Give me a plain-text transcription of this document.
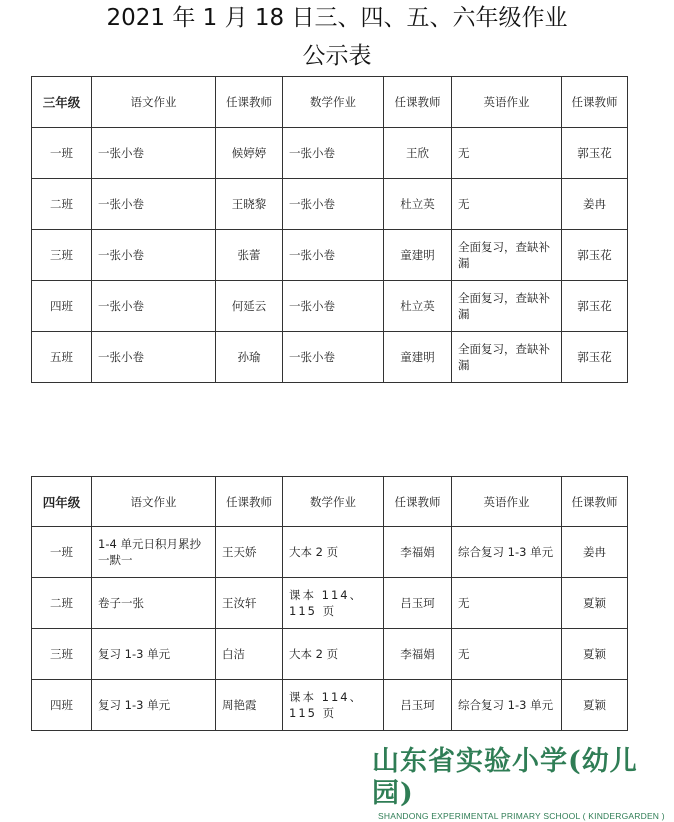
2021 年 1 月 18 日三、四、五、六年级作业
公示表
三年级	语文作业	任课教师	数学作业	任课教师	英语作业	任课教师
一班	一张小卷	候婷婷	一张小卷	王欣	无	郭玉花
二班	一张小卷	王晓黎	一张小卷	杜立英	无	姜冉
三班	一张小卷	张蕾	一张小卷	童建明	全面复习，查缺补漏	郭玉花
四班	一张小卷	何延云	一张小卷	杜立英	全面复习，查缺补漏	郭玉花
五班	一张小卷	孙瑜	一张小卷	童建明	全面复习，查缺补漏	郭玉花
四年级	语文作业	任课教师	数学作业	任课教师	英语作业	任课教师
一班	1-4 单元日积月累抄一默一	王天娇	大本 2 页	李福娟	综合复习 1-3 单元	姜冉
二班	卷子一张	王汝轩	课本 114、115 页	吕玉珂	无	夏颖
三班	复习 1-3 单元	白洁	大本 2 页	李福娟	无	夏颖
四班	复习 1-3 单元	周艳霞	课本 114、115 页	吕玉珂	综合复习 1-3 单元	夏颖
山东省实验小学(幼儿园)
SHANDONG EXPERIMENTAL PRIMARY SCHOOL ( KINDERGARDEN )
